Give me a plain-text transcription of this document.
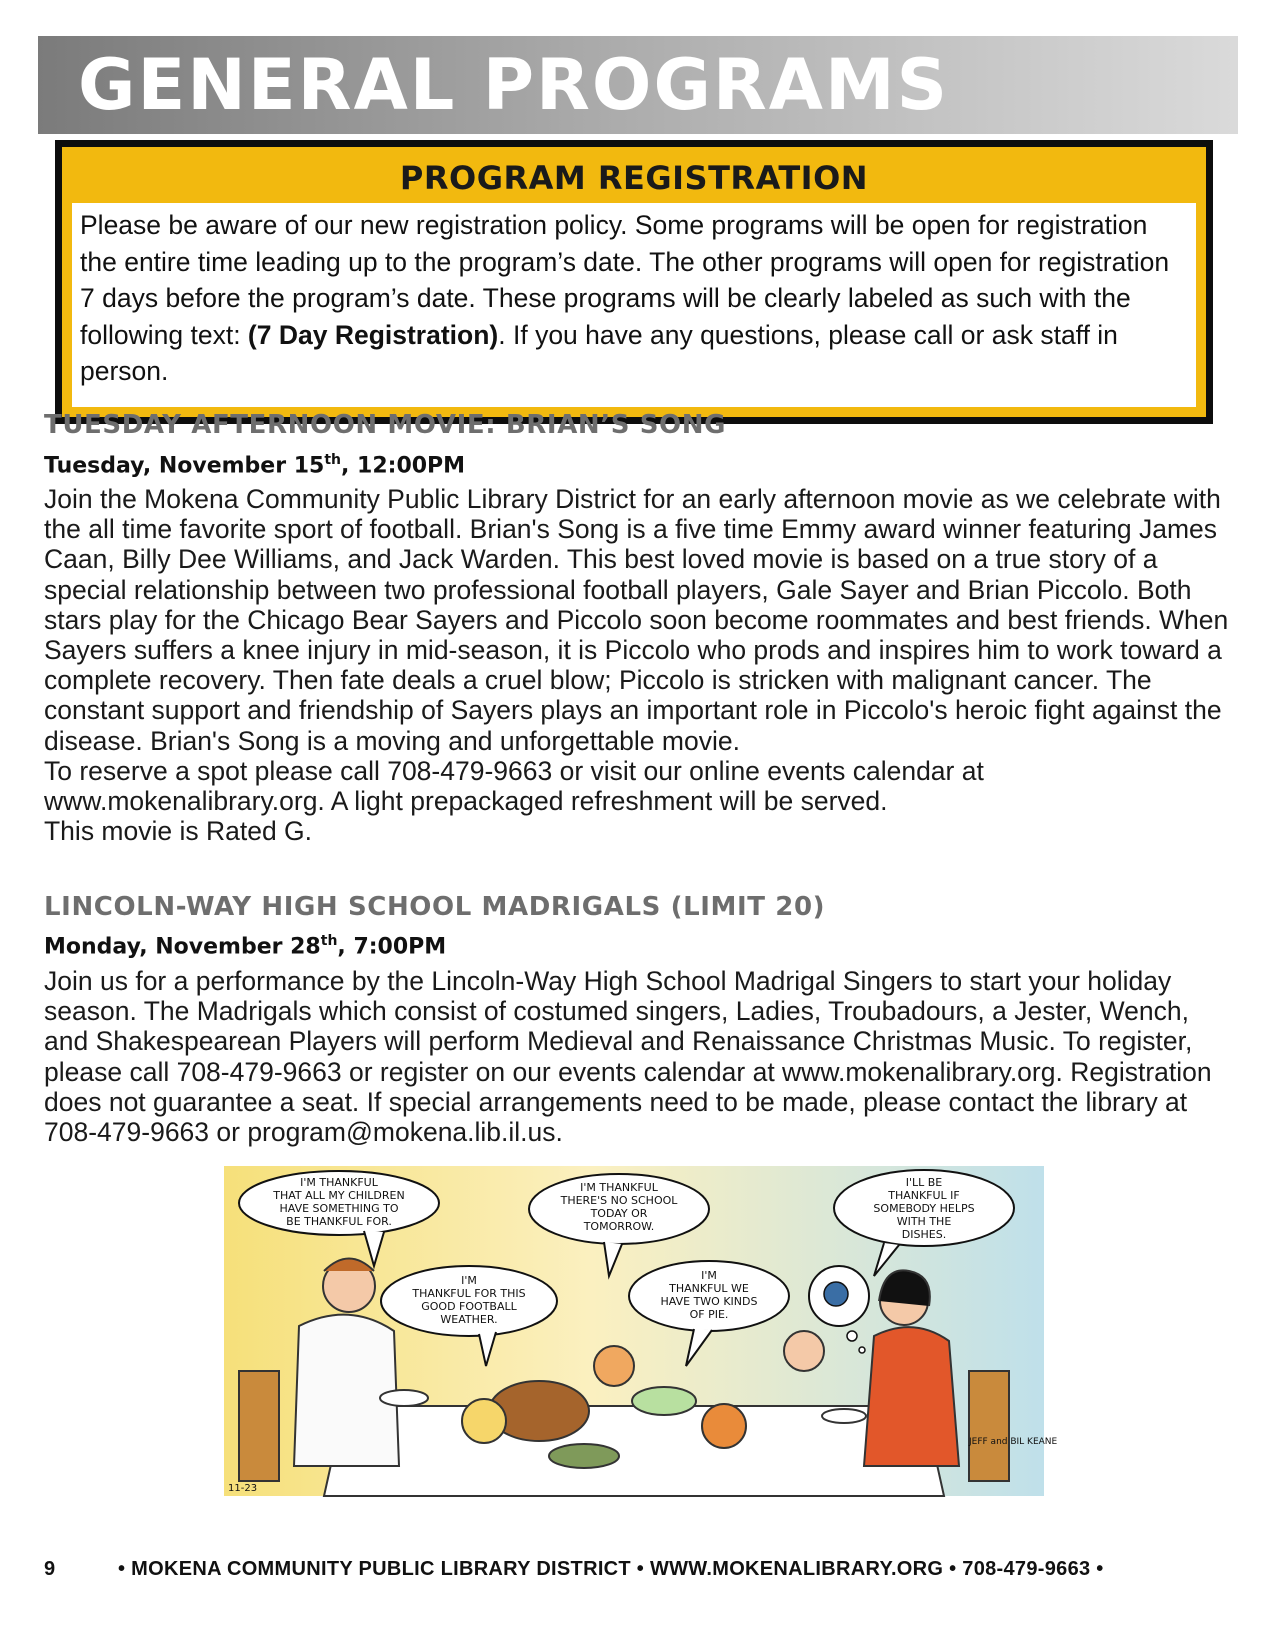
GENERAL PROGRAMS
PROGRAM REGISTRATION
Please be aware of our new registration policy. Some programs will be open for registration the entire time leading up to the program’s date. The other programs will open for registration 7 days before the program’s date. These programs will be clearly labeled as such with the following text: (7 Day Registration). If you have any questions, please call or ask staff in person.
TUESDAY AFTERNOON MOVIE: BRIAN’S SONG
Tuesday, November 15th, 12:00PM

Join the Mokena Community Public Library District for an early afternoon movie as we celebrate with the all time favorite sport of football. Brian's Song is a five time Emmy award winner featuring James Caan, Billy Dee Williams, and Jack Warden. This best loved movie is based on a true story of a special relationship between two professional football players, Gale Sayer and Brian Piccolo. Both stars play for the Chicago Bear Sayers and Piccolo soon become roommates and best friends. When Sayers suffers a knee injury in mid-season, it is Piccolo who prods and inspires him to work toward a complete recovery. Then fate deals a cruel blow; Piccolo is stricken with malignant cancer. The constant support and friendship of Sayers plays an important role in Piccolo's heroic fight against the disease. Brian's Song is a moving and unforgettable movie.

To reserve a spot please call 708-479-9663 or visit our online events calendar at www.mokenalibrary.org. A light prepackaged refreshment will be served.

This movie is Rated G.

LINCOLN-WAY HIGH SCHOOL MADRIGALS (LIMIT 20)
Monday, November 28th, 7:00PM

Join us for a performance by the Lincoln-Way High School Madrigal Singers to start your holiday season. The Madrigals which consist of costumed singers, Ladies, Troubadours, a Jester, Wench, and Shakespearean Players will perform Medieval and Renaissance Christmas Music. To register, please call 708-479-9663 or register on our events calendar at www.mokenalibrary.org. Registration does not guarantee a seat. If special arrangements need to be made, please contact the library at 708-479-9663 or program@mokena.lib.il.us.

I'M THANKFUL
THAT ALL MY CHILDREN
HAVE SOMETHING TO
BE THANKFUL FOR.
I'M THANKFUL
THERE'S NO SCHOOL
TODAY OR
TOMORROW.
I'LL BE
THANKFUL IF
SOMEBODY HELPS
WITH THE
DISHES.
I'M
THANKFUL FOR THIS
GOOD FOOTBALL
WEATHER.
I'M
THANKFUL WE
HAVE TWO KINDS
OF PIE.
11-23
JEFF and BIL KEANE
9	• MOKENA COMMUNITY PUBLIC LIBRARY DISTRICT • WWW.MOKENALIBRARY.ORG • 708-479-9663 •
